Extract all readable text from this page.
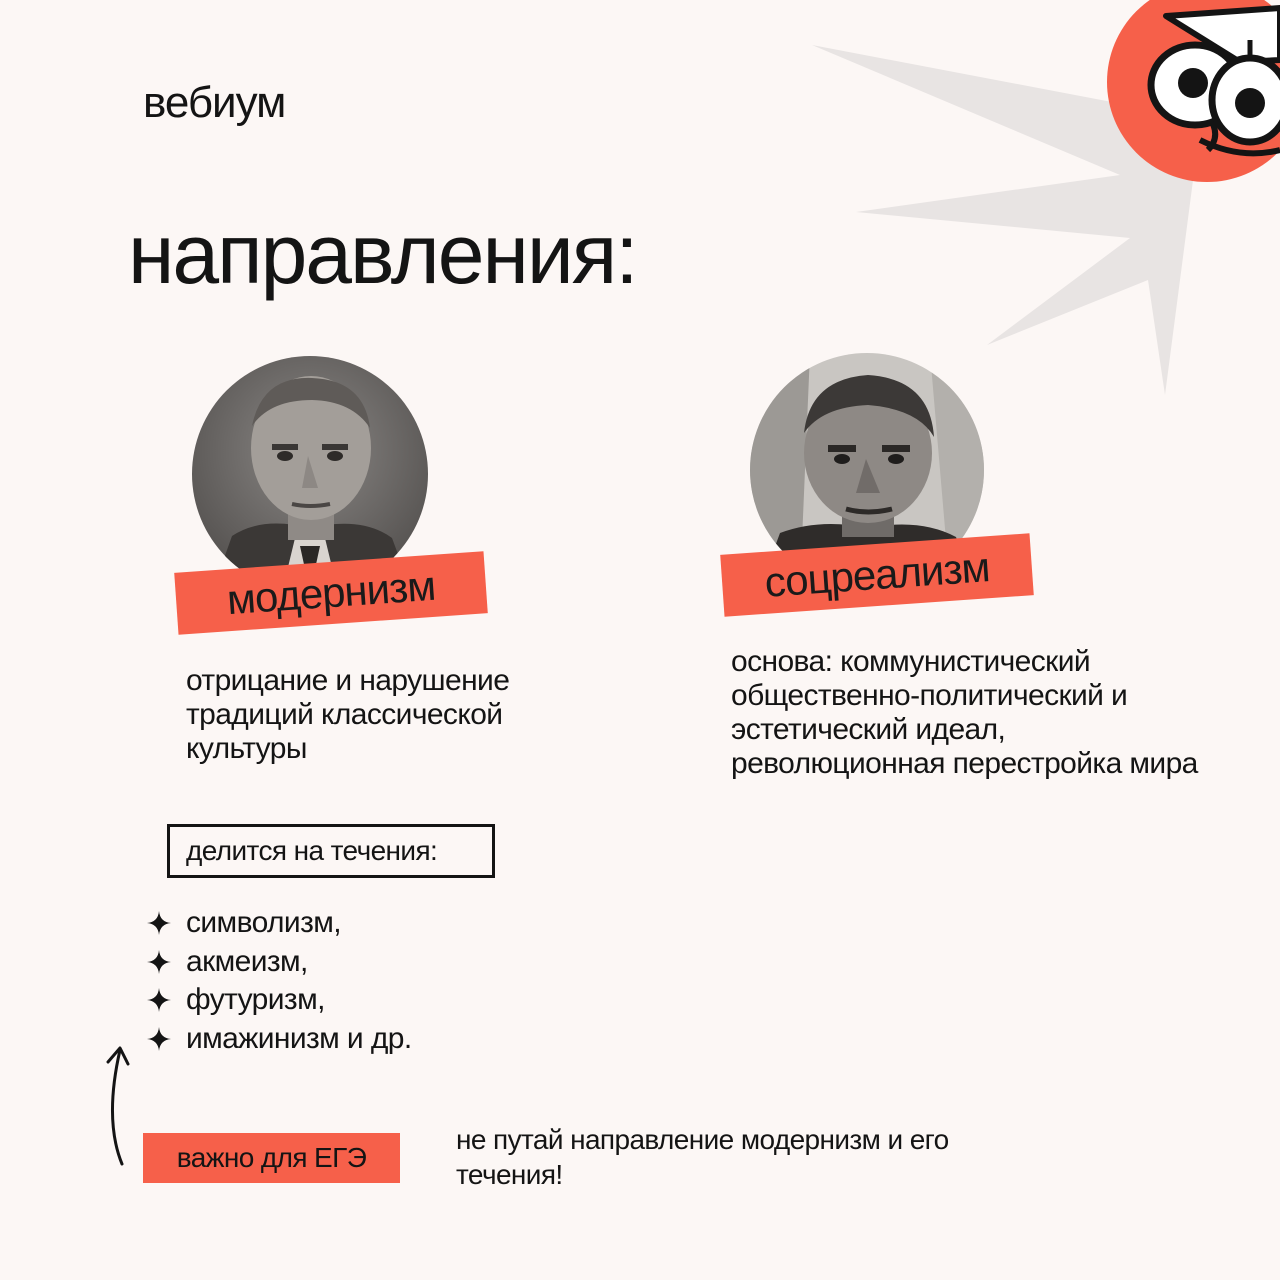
вебиум
направления:
модернизм	соцреализм
отрицание и нарушение традиций классической культуры
основа: коммунистический общественно-политический и эстетический идеал, революционная перестройка мира
делится на течения:
символизм,
акмеизм,
футуризм,
имажинизм и др.
важно для ЕГЭ
не путай направление модернизм и его течения!
